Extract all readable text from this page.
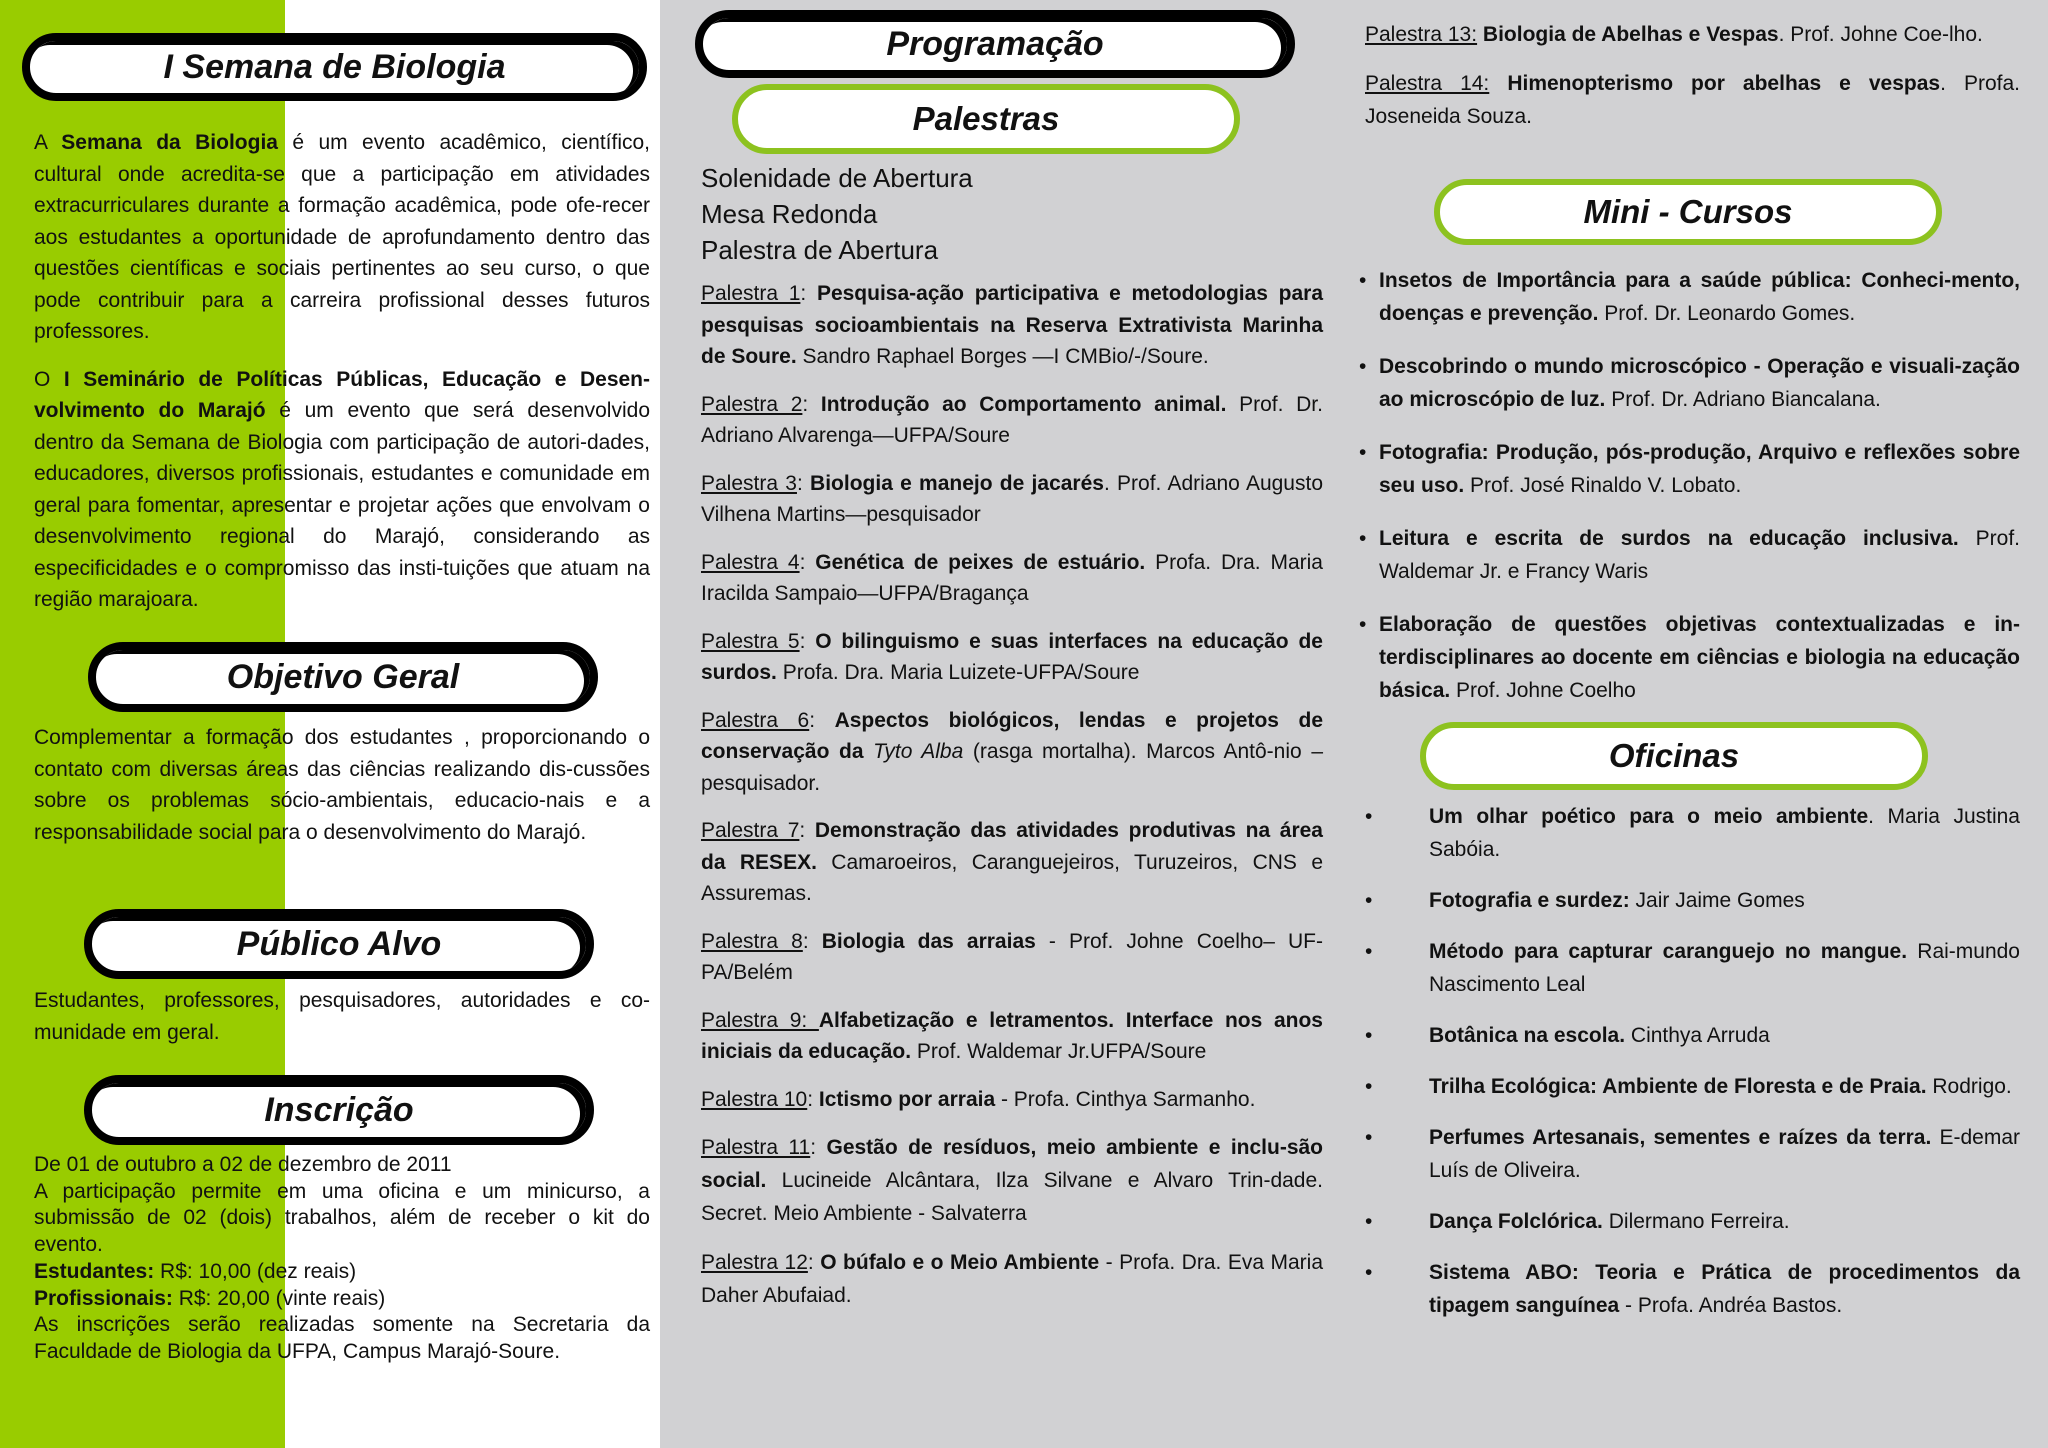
I Semana de Biologia

A Semana da Biologia é um evento acadêmico, científico, cultural onde acredita-se que a participação em atividades extracurriculares durante a formação acadêmica, pode ofe-recer aos estudantes a oportunidade de aprofundamento dentro das questões científicas e sociais pertinentes ao seu curso, o que pode contribuir para a carreira profissional desses futuros professores.

O I Seminário de Políticas Públicas, Educação e Desen-volvimento do Marajó é um evento que será desenvolvido dentro da Semana de Biologia com participação de autori-dades, educadores, diversos profissionais, estudantes e comunidade em geral para fomentar, apresentar e projetar ações que envolvam o desenvolvimento regional do Marajó, considerando as especificidades e o compromisso das insti-tuições que atuam na região marajoara.

Objetivo Geral

Complementar a formação dos estudantes , proporcionando o contato com diversas áreas das ciências realizando dis-cussões sobre os problemas sócio-ambientais, educacio-nais e a responsabilidade social para o desenvolvimento do Marajó.

Público Alvo

Estudantes, professores, pesquisadores, autoridades e co-munidade em geral.

Inscrição
De 01 de outubro a 02 de dezembro de 2011
A participação permite em uma oficina e um minicurso, a submissão de 02 (dois) trabalhos, além de receber o kit do evento.
Estudantes: R$: 10,00 (dez reais)
Profissionais: R$: 20,00 (vinte reais)
As inscrições serão realizadas somente na Secretaria da Faculdade de Biologia da UFPA, Campus Marajó-Soure.
Programação
Palestras
Solenidade de Abertura
Mesa Redonda
Palestra de Abertura

Palestra 1: Pesquisa-ação participativa e metodologias para pesquisas socioambientais na Reserva Extrativista Marinha de Soure. Sandro Raphael Borges —I CMBio/-/Soure.

Palestra 2: Introdução ao Comportamento animal. Prof. Dr. Adriano Alvarenga—UFPA/Soure

Palestra 3: Biologia e manejo de jacarés. Prof. Adriano Augusto Vilhena Martins—pesquisador

Palestra 4: Genética de peixes de estuário. Profa. Dra. Maria Iracilda Sampaio—UFPA/Bragança

Palestra 5: O bilinguismo e suas interfaces na educação de surdos. Profa. Dra. Maria Luizete-UFPA/Soure

Palestra 6: Aspectos biológicos, lendas e projetos de conservação da Tyto Alba (rasga mortalha). Marcos Antô-nio – pesquisador.

Palestra 7: Demonstração das atividades produtivas na área da RESEX. Camaroeiros, Caranguejeiros, Turuzeiros, CNS e Assuremas.

Palestra 8: Biologia das arraias - Prof. Johne Coelho– UF-PA/Belém

Palestra 9: Alfabetização e letramentos. Interface nos anos iniciais da educação. Prof. Waldemar Jr.UFPA/Soure

Palestra 10: Ictismo por arraia - Profa. Cinthya Sarmanho.

Palestra 11: Gestão de resíduos, meio ambiente e inclu-são social. Lucineide Alcântara, Ilza Silvane e Alvaro Trin-dade. Secret. Meio Ambiente - Salvaterra

Palestra 12: O búfalo e o Meio Ambiente - Profa. Dra. Eva Maria Daher Abufaiad.

Palestra 13: Biologia de Abelhas e Vespas. Prof. Johne Coe-lho.

Palestra 14: Himenopterismo por abelhas e vespas. Profa. Joseneida Souza.

Mini - Cursos
• Insetos de Importância para a saúde pública: Conheci-mento, doenças e prevenção. Prof. Dr. Leonardo Gomes.
• Descobrindo o mundo microscópico - Operação e visuali-zação ao microscópio de luz. Prof. Dr. Adriano Biancalana.
• Fotografia: Produção, pós-produção, Arquivo e reflexões sobre seu uso. Prof. José Rinaldo V. Lobato.
• Leitura e escrita de surdos na educação inclusiva. Prof. Waldemar Jr. e Francy Waris
• Elaboração de questões objetivas contextualizadas e in-terdisciplinares ao docente em ciências e biologia na educação básica. Prof. Johne Coelho
Oficinas
• Um olhar poético para o meio ambiente. Maria Justina Sabóia.
• Fotografia e surdez: Jair Jaime Gomes
• Método para capturar caranguejo no mangue. Rai-mundo Nascimento Leal
• Botânica na escola. Cinthya Arruda
• Trilha Ecológica: Ambiente de Floresta e de Praia. Rodrigo.
• Perfumes Artesanais, sementes e raízes da terra. E-demar Luís de Oliveira.
• Dança Folclórica. Dilermano Ferreira.
• Sistema ABO: Teoria e Prática de procedimentos da tipagem sanguínea - Profa. Andréa Bastos.
